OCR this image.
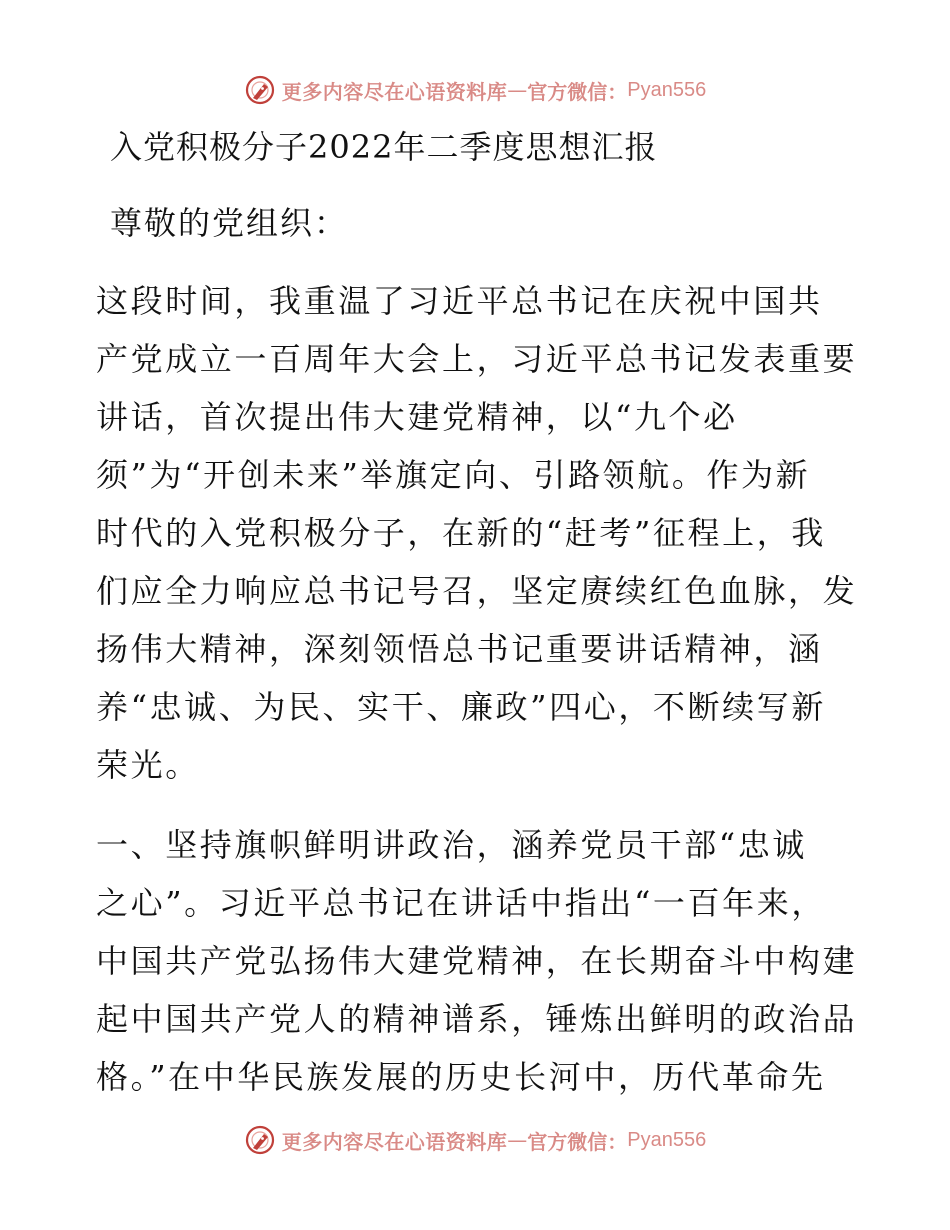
更多内容尽在心语资料库 — 官方微信： Pyan556
入党积极分子2022年二季度思想汇报
尊敬的党组织：
这段时间，我重温了习近平总书记在庆祝中国共
产党成立一百周年大会上，习近平总书记发表重要
讲话，首次提出伟大建党精神，以“九个必
须”为“开创未来”举旗定向、引路领航。作为新
时代的入党积极分子，在新的“赶考”征程上，我
们应全力响应总书记号召，坚定赓续红色血脉，发
扬伟大精神，深刻领悟总书记重要讲话精神，涵
养“忠诚、为民、实干、廉政”四心，不断续写新
荣光。
一、坚持旗帜鲜明讲政治，涵养党员干部“忠诚
之心”。习近平总书记在讲话中指出“一百年来，
中国共产党弘扬伟大建党精神，在长期奋斗中构建
起中国共产党人的精神谱系，锤炼出鲜明的政治品
格。”在中华民族发展的历史长河中，历代革命先
更多内容尽在心语资料库 — 官方微信： Pyan556
